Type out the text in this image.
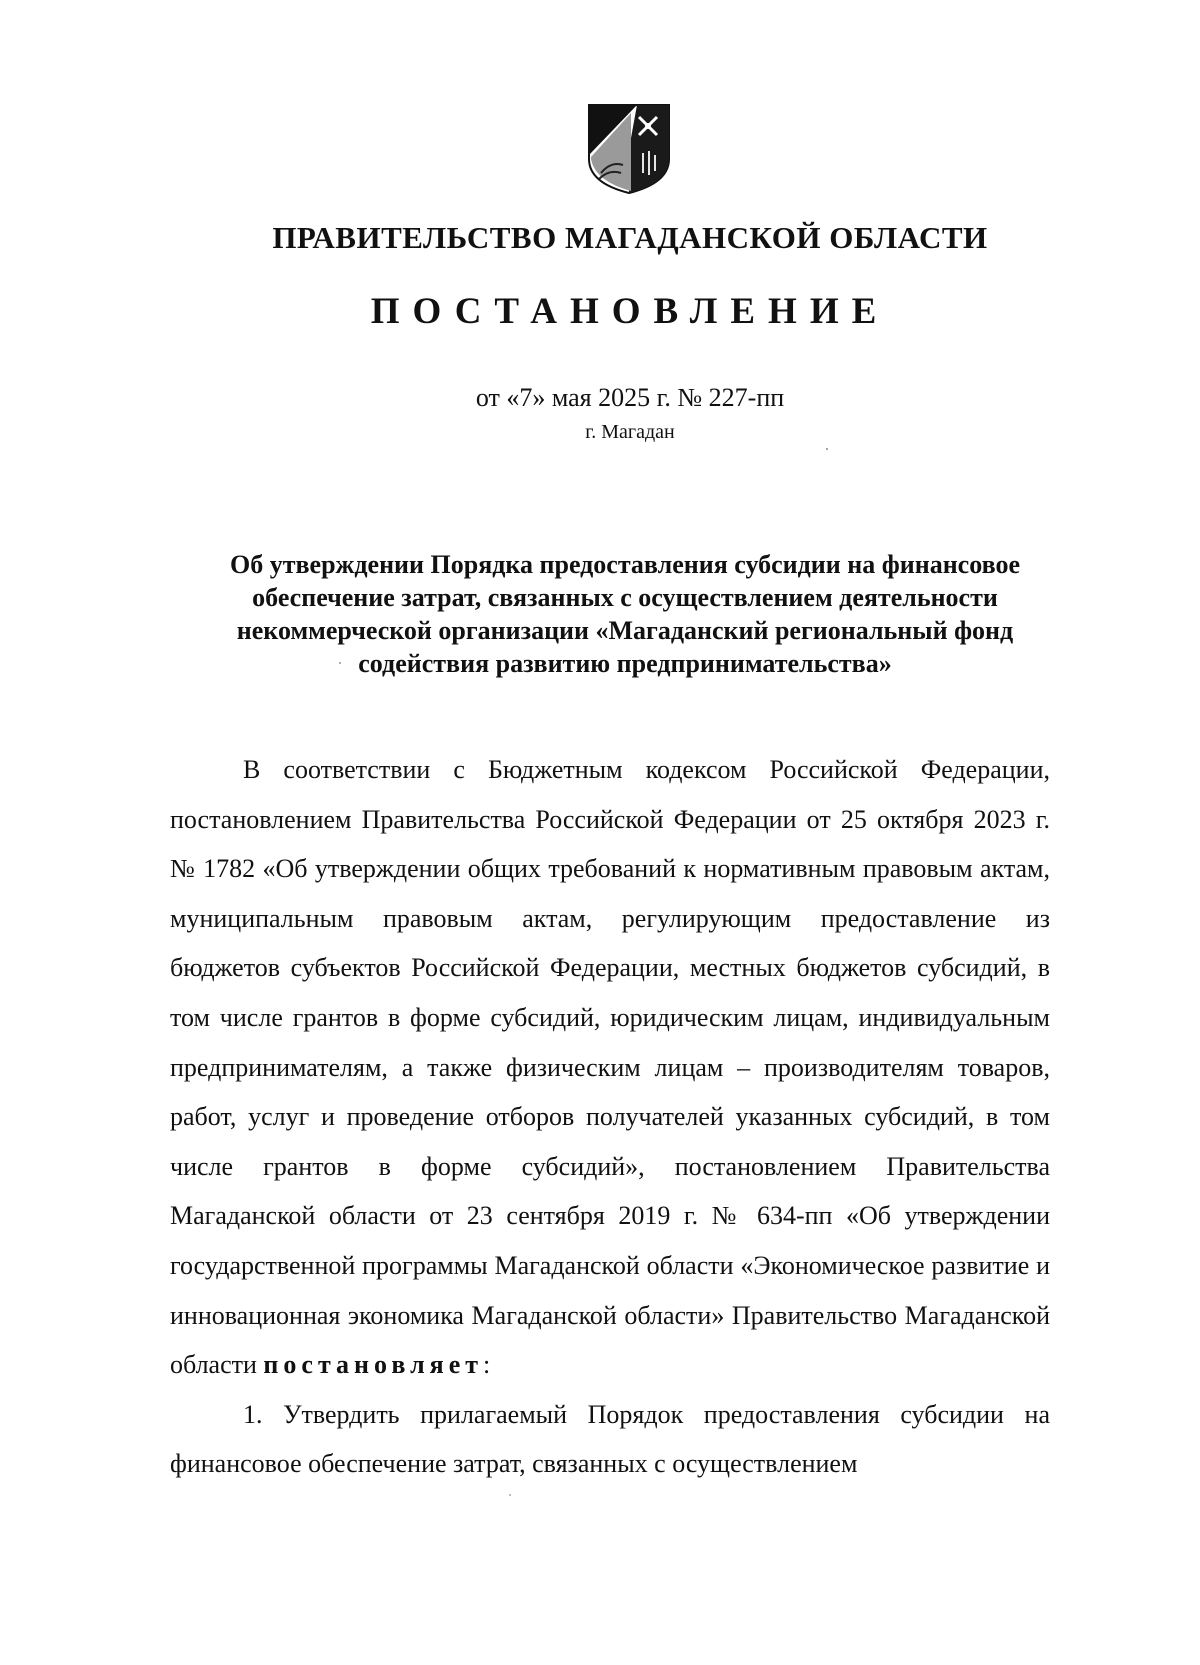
ПРАВИТЕЛЬСТВО МАГАДАНСКОЙ ОБЛАСТИ
ПОСТАНОВЛЕНИЕ

от «7» мая 2025 г. № 227-пп

г. Магадан

Об утверждении Порядка предоставления субсидии на финансовое обеспечение затрат, связанных с осуществлением деятельности некоммерческой организации «Магаданский региональный фонд содействия развитию предпринимательства»

В соответствии с Бюджетным кодексом Российской Федерации, постановлением Правительства Российской Федерации от 25 октября 2023 г. № 1782 «Об утверждении общих требований к нормативным правовым актам, муниципальным правовым актам, регулирующим предоставление из бюджетов субъектов Российской Федерации, местных бюджетов субсидий, в том числе грантов в форме субсидий, юридическим лицам, индивидуальным предпринимателям, а также физическим лицам – производителям товаров, работ, услуг и проведение отборов получателей указанных субсидий, в том числе грантов в форме субсидий», постановлением Правительства Магаданской области от 23 сентября 2019 г. № 634-пп «Об утверждении государственной программы Магаданской области «Экономическое развитие и инновационная экономика Магаданской области» Правительство Магаданской области постановляет:

1. Утвердить прилагаемый Порядок предоставления субсидии на финансовое обеспечение затрат, связанных с осуществлением
